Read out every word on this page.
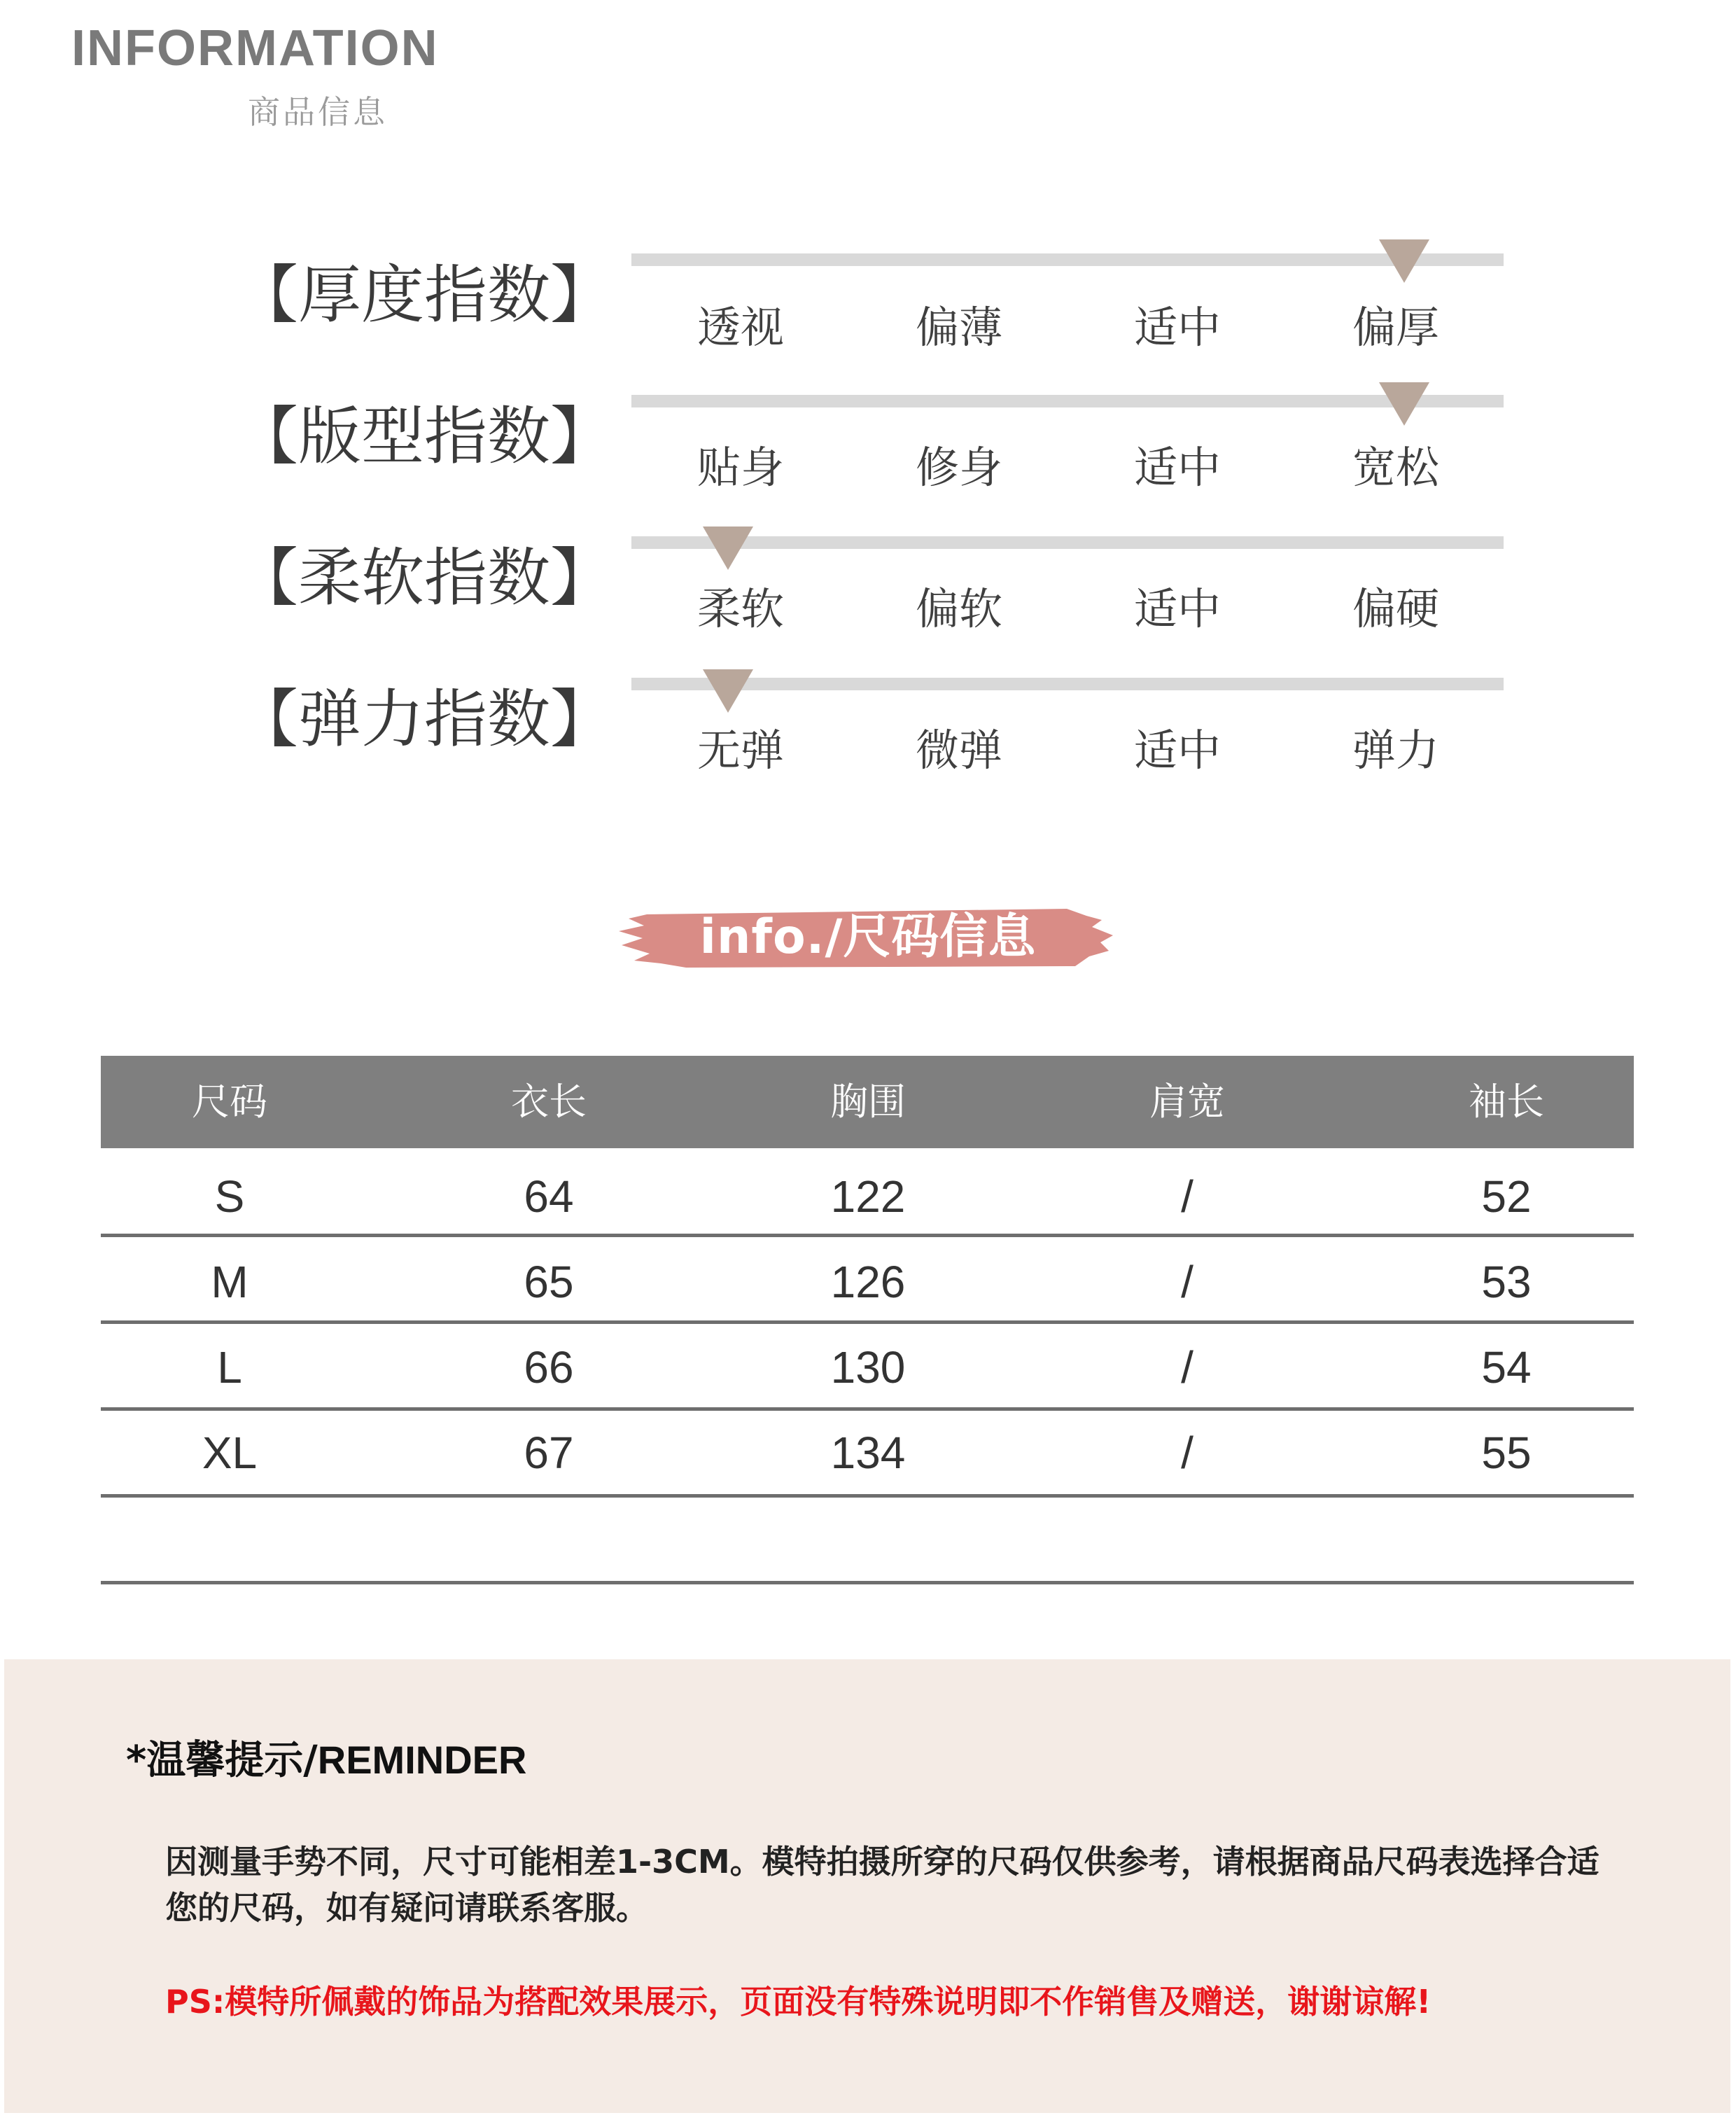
INFORMATION
商品信息
【厚度指数】	透视	偏薄	适中	偏厚
【版型指数】	贴身	修身	适中	宽松
【柔软指数】	柔软	偏软	适中	偏硬
【弹力指数】	无弹	微弹	适中	弹力
info./尺码信息
尺码	衣长	胸围	肩宽	袖长
S	64	122	/	52
M	65	126	/	53
L	66	130	/	54
XL	67	134	/	55
*温馨提示/REMINDER
因测量手势不同，尺寸可能相差1-3CM。模特拍摄所穿的尺码仅供参考，请根据商品尺码表选择合适您的尺码，如有疑问请联系客服。
PS:模特所佩戴的饰品为搭配效果展示，页面没有特殊说明即不作销售及赠送，谢谢谅解!
